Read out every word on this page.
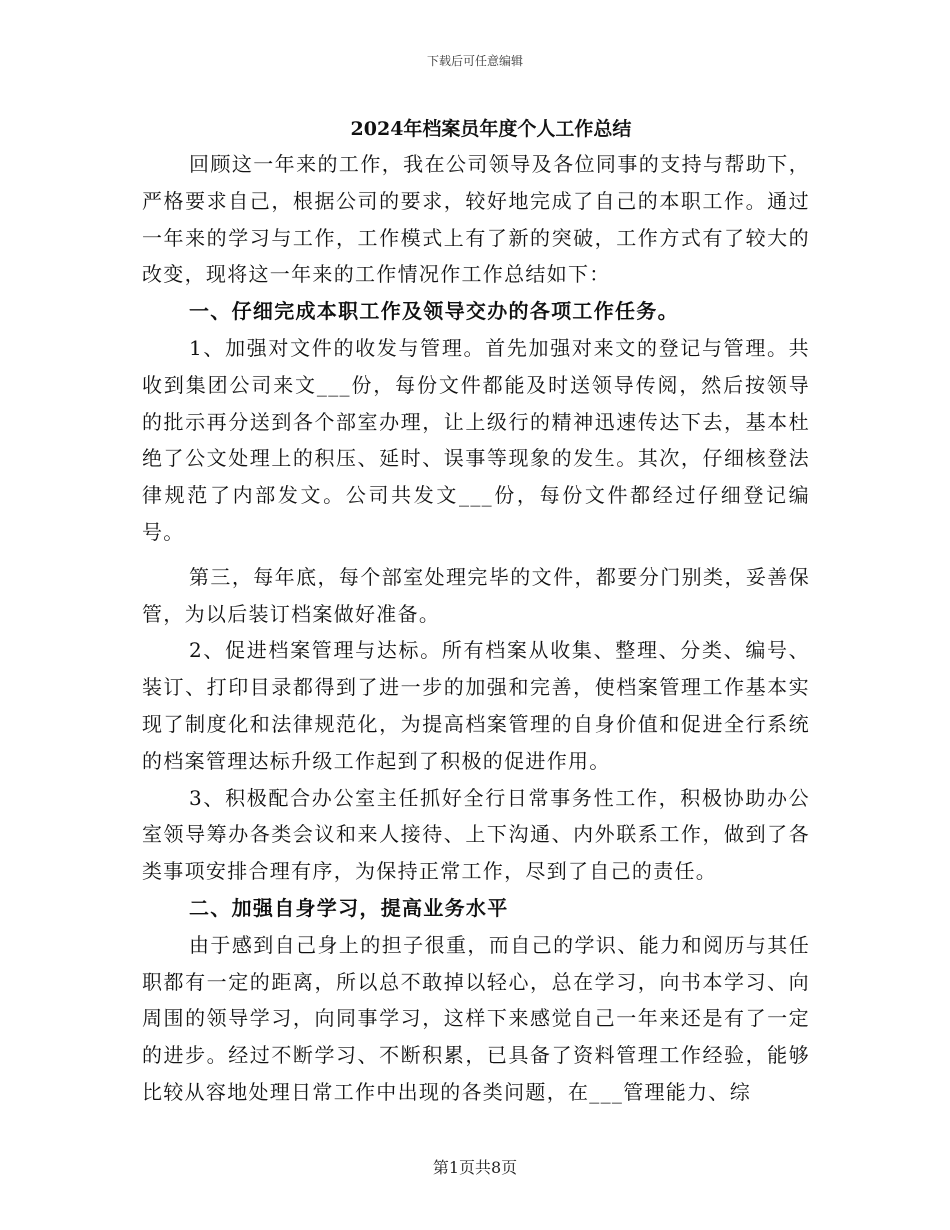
下载后可任意编辑
2024年档案员年度个人工作总结

回顾这一年来的工作，我在公司领导及各位同事的支持与帮助下，严格要求自己，根据公司的要求，较好地完成了自己的本职工作。通过一年来的学习与工作，工作模式上有了新的突破，工作方式有了较大的改变，现将这一年来的工作情况作工作总结如下：

一、仔细完成本职工作及领导交办的各项工作任务。

1、加强对文件的收发与管理。首先加强对来文的登记与管理。共收到集团公司来文___份，每份文件都能及时送领导传阅，然后按领导的批示再分送到各个部室办理，让上级行的精神迅速传达下去，基本杜绝了公文处理上的积压、延时、误事等现象的发生。其次，仔细核登法律规范了内部发文。公司共发文___份，每份文件都经过仔细登记编号。

第三，每年底，每个部室处理完毕的文件，都要分门别类，妥善保管，为以后装订档案做好准备。

2、促进档案管理与达标。所有档案从收集、整理、分类、编号、装订、打印目录都得到了进一步的加强和完善，使档案管理工作基本实现了制度化和法律规范化，为提高档案管理的自身价值和促进全行系统的档案管理达标升级工作起到了积极的促进作用。

3、积极配合办公室主任抓好全行日常事务性工作，积极协助办公室领导筹办各类会议和来人接待、上下沟通、内外联系工作，做到了各类事项安排合理有序，为保持正常工作，尽到了自己的责任。

二、加强自身学习，提高业务水平

由于感到自己身上的担子很重，而自己的学识、能力和阅历与其任职都有一定的距离，所以总不敢掉以轻心，总在学习，向书本学习、向周围的领导学习，向同事学习，这样下来感觉自己一年来还是有了一定的进步。经过不断学习、不断积累，已具备了资料管理工作经验，能够比较从容地处理日常工作中出现的各类问题，在___管理能力、综

第1页共8页
